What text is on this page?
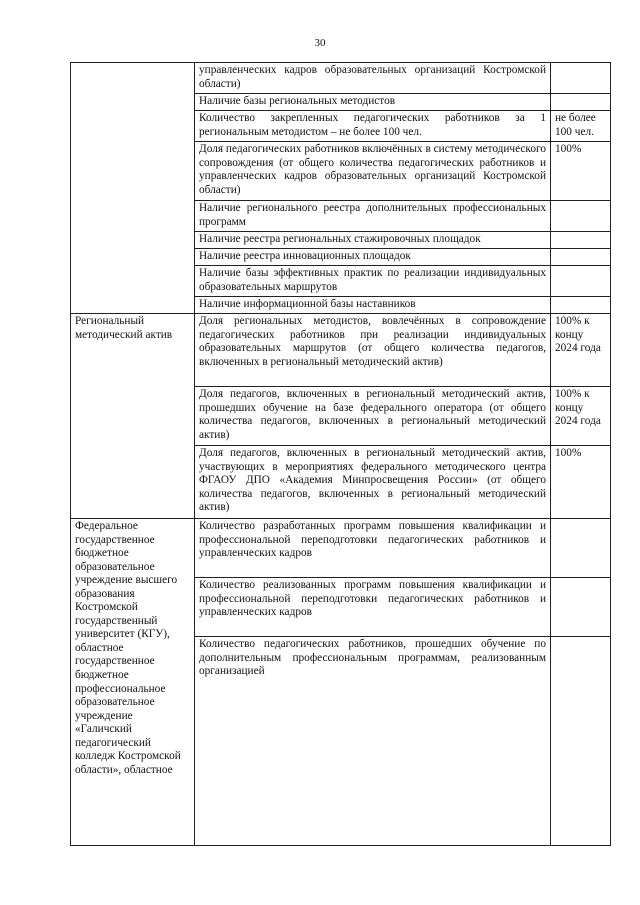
30
	управленческих кадров образовательных организаций Костромской области)	
	Наличие базы региональных методистов	
	Количество закрепленных педагогических работников за 1 региональным методистом – не более 100 чел.	не более 100 чел.
	Доля педагогических работников включённых в систему методического сопровождения (от общего количества педагогических работников и управленческих кадров образовательных организаций Костромской области)	100%
	Наличие регионального реестра дополнительных профессиональных программ	
	Наличие реестра региональных стажировочных площадок	
	Наличие реестра инновационных площадок	
	Наличие базы эффективных практик по реализации индивидуальных образовательных маршрутов	
	Наличие информационной базы наставников	
Региональный методический актив	Доля региональных методистов, вовлечённых в сопровождение педагогических работников при реализации индивидуальных образовательных маршрутов (от общего количества педагогов, включенных в региональный методический актив)	100% к концу 2024 года
	Доля педагогов, включенных в региональный методический актив, прошедших обучение на базе федерального оператора (от общего количества педагогов, включенных в региональный методический актив)	100% к концу 2024 года
	Доля педагогов, включенных в региональный методический актив, участвующих в мероприятиях федерального методического центра ФГАОУ ДПО «Академия Минпросвещения России» (от общего количества педагогов, включенных в региональный методический актив)	100%
Федеральное государственное бюджетное образовательное учреждение высшего образования Костромской государственный университет (КГУ), областное государственное бюджетное профессиональное образовательное учреждение «Галичский педагогический колледж Костромской области», областное	Количество разработанных программ повышения квалификации и профессиональной переподготовки педагогических работников и управленческих кадров	
	Количество реализованных программ повышения квалификации и профессиональной переподготовки педагогических работников и управленческих кадров	
	Количество педагогических работников, прошедших обучение по дополнительным профессиональным программам, реализованным организацией	
